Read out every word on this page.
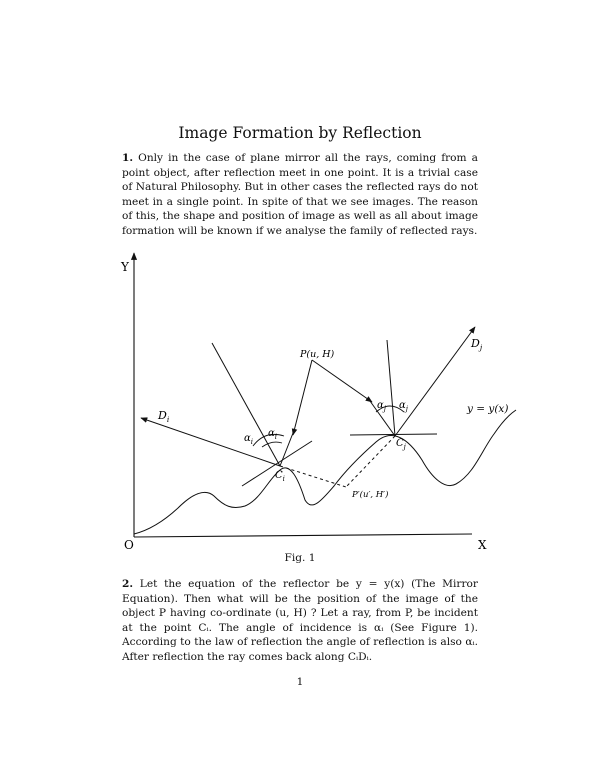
Image Formation by Reflection
1. Only in the case of plane mirror all the rays, coming from a point object, after reflection meet in one point. It is a trivial case of Natural Philosophy. But in other cases the reflected rays do not meet in a single point. In spite of that we see images. The reason of this, the shape and position of image as well as all about image formation will be known if we analyse the family of reflected rays.
Y
O	X
P(u, H)
P′(u′, H′)
$D_i$
$D_j$
$C_i$
$C_j$
$\alpha_i$
$\alpha_i$
$\alpha_j$ $\alpha_j$	y = y(x)
Fig. 1
2. Let the equation of the reflector be y = y(x) (The Mirror Equation). Then what will be the position of the image of the object P having co-ordinate (u, H) ? Let a ray, from P, be incident at the point Cᵢ. The angle of incidence is αᵢ (See Figure 1). According to the law of reflection the angle of reflection is also αᵢ. After reflection the ray comes back along CᵢDᵢ.
1
